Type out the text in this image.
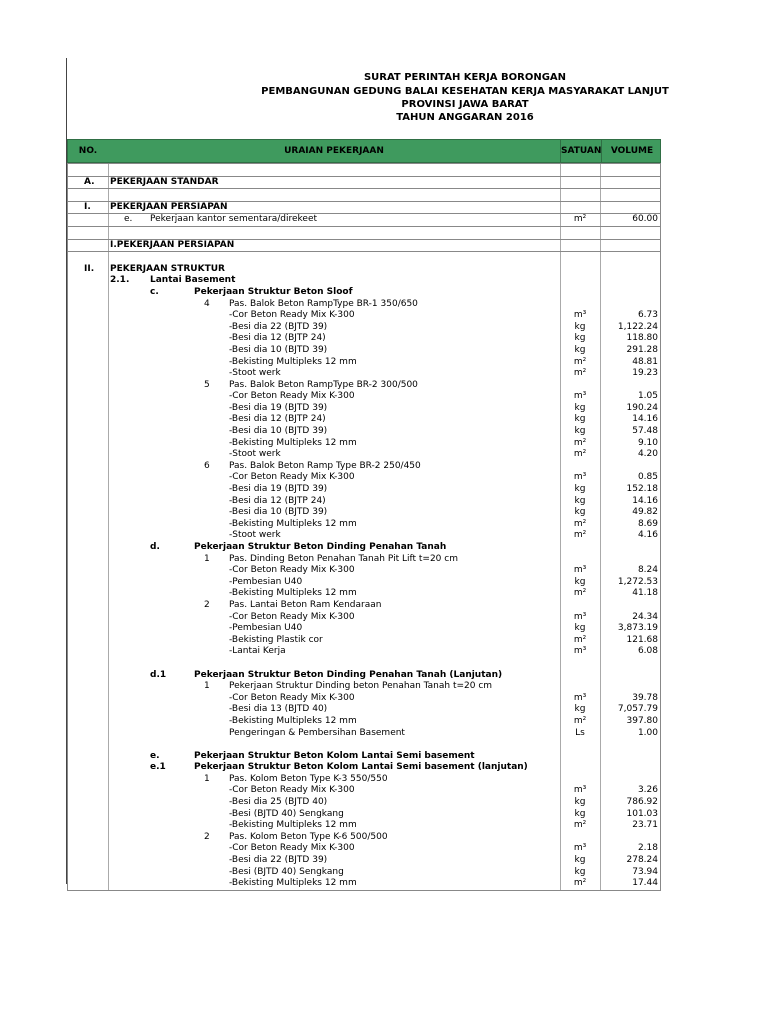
SURAT PERINTAH KERJA BORONGAN
PEMBANGUNAN GEDUNG BALAI KESEHATAN KERJA MASYARAKAT LANJUT
PROVINSI JAWA BARAT
TAHUN ANGGARAN 2016
NO.	URAIAN PEKERJAAN	SATUAN	VOLUME
A. PEKERJAAN STANDAR
I. PEKERJAAN PERSIAPAN
e. Pekerjaan kantor sementara/direkeet	m²	60.00
I.PEKERJAAN PERSIAPAN
II. PEKERJAAN STRUKTUR
2.1. Lantai Basement
c.	Pekerjaan Struktur Beton Sloof
4 Pas. Balok Beton RampType BR-1 350/650
-Cor Beton Ready Mix K-300	m³	6.73
-Besi dia 22 (BJTD 39)	kg	1,122.24
-Besi dia 12 (BJTP 24)	kg	118.80
-Besi dia 10 (BJTD 39)	kg	291.28
-Bekisting Multipleks 12 mm	m²	48.81
-Stoot werk	m²	19.23
5 Pas. Balok Beton RampType BR-2 300/500
-Cor Beton Ready Mix K-300	m³	1.05
-Besi dia 19 (BJTD 39)	kg	190.24
-Besi dia 12 (BJTP 24)	kg	14.16
-Besi dia 10 (BJTD 39)	kg	57.48
-Bekisting Multipleks 12 mm	m²	9.10
-Stoot werk	m²	4.20
6 Pas. Balok Beton Ramp Type BR-2 250/450
-Cor Beton Ready Mix K-300	m³	0.85
-Besi dia 19 (BJTD 39)	kg	152.18
-Besi dia 12 (BJTP 24)	kg	14.16
-Besi dia 10 (BJTD 39)	kg	49.82
-Bekisting Multipleks 12 mm	m²	8.69
-Stoot werk	m²	4.16
d.	Pekerjaan Struktur Beton Dinding Penahan Tanah
1 Pas. Dinding Beton Penahan Tanah Pit Lift t=20 cm
-Cor Beton Ready Mix K-300	m³	8.24
-Pembesian U40	kg	1,272.53
-Bekisting Multipleks 12 mm	m²	41.18
2 Pas. Lantai Beton Ram Kendaraan
-Cor Beton Ready Mix K-300	m³	24.34
-Pembesian U40	kg	3,873.19
-Bekisting Plastik cor	m²	121.68
-Lantai Kerja	m³	6.08
d.1	Pekerjaan Struktur Beton Dinding Penahan Tanah (Lanjutan)
1 Pekerjaan Struktur Dinding beton Penahan Tanah t=20 cm
-Cor Beton Ready Mix K-300	m³	39.78
-Besi dia 13 (BJTD 40)	kg	7,057.79
-Bekisting Multipleks 12 mm	m²	397.80
Pengeringan & Pembersihan Basement	Ls	1.00
e.	Pekerjaan Struktur Beton Kolom Lantai Semi basement
e.1	Pekerjaan Struktur Beton Kolom Lantai Semi basement (lanjutan)
1 Pas. Kolom Beton Type K-3 550/550
-Cor Beton Ready Mix K-300	m³	3.26
-Besi dia 25 (BJTD 40)	kg	786.92
-Besi (BJTD 40) Sengkang	kg	101.03
-Bekisting Multipleks 12 mm	m²	23.71
2 Pas. Kolom Beton Type K-6 500/500
-Cor Beton Ready Mix K-300	m³	2.18
-Besi dia 22 (BJTD 39)	kg	278.24
-Besi (BJTD 40) Sengkang	kg	73.94
-Bekisting Multipleks 12 mm	m²	17.44
